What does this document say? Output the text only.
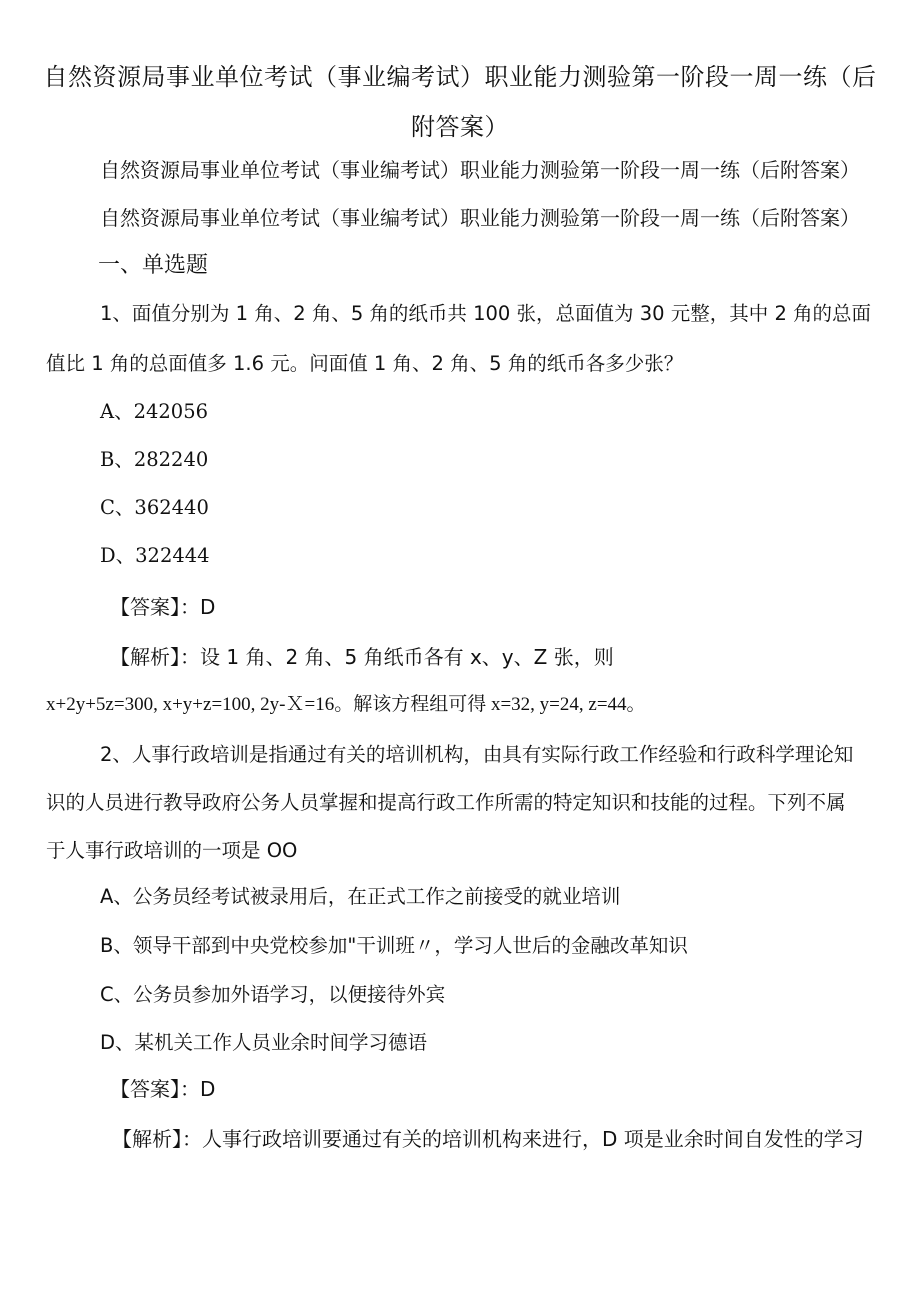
自然资源局事业单位考试（事业编考试）职业能力测验第一阶段一周一练（后附答案）
自然资源局事业单位考试（事业编考试）职业能力测验第一阶段一周一练（后附答案）
自然资源局事业单位考试（事业编考试）职业能力测验第一阶段一周一练（后附答案）
一、单选题
1、面值分别为 1 角、2 角、5 角的纸币共 100 张，总面值为 30 元整，其中 2 角的总面
值比 1 角的总面值多 1.6 元。问面值 1 角、2 角、5 角的纸币各多少张？
A、242056
B、282240
C、362440
D、322444
【答案】：D
【解析】：设 1 角、2 角、5 角纸币各有 x、y、Z 张，则
x+2y+5z=300, x+y+z=100, 2y-Ｘ=16。解该方程组可得 x=32, y=24, z=44。
2、人事行政培训是指通过有关的培训机构，由具有实际行政工作经验和行政科学理论知
识的人员进行教导政府公务人员掌握和提高行政工作所需的特定知识和技能的过程。下列不属
于人事行政培训的一项是 OO
A、公务员经考试被录用后，在正式工作之前接受的就业培训
B、领导干部到中央党校参加"干训班〃，学习人世后的金融改革知识
C、公务员参加外语学习，以便接待外宾
D、某机关工作人员业余时间学习德语
【答案】：D
【解析】：人事行政培训要通过有关的培训机构来进行，D 项是业余时间自发性的学习
